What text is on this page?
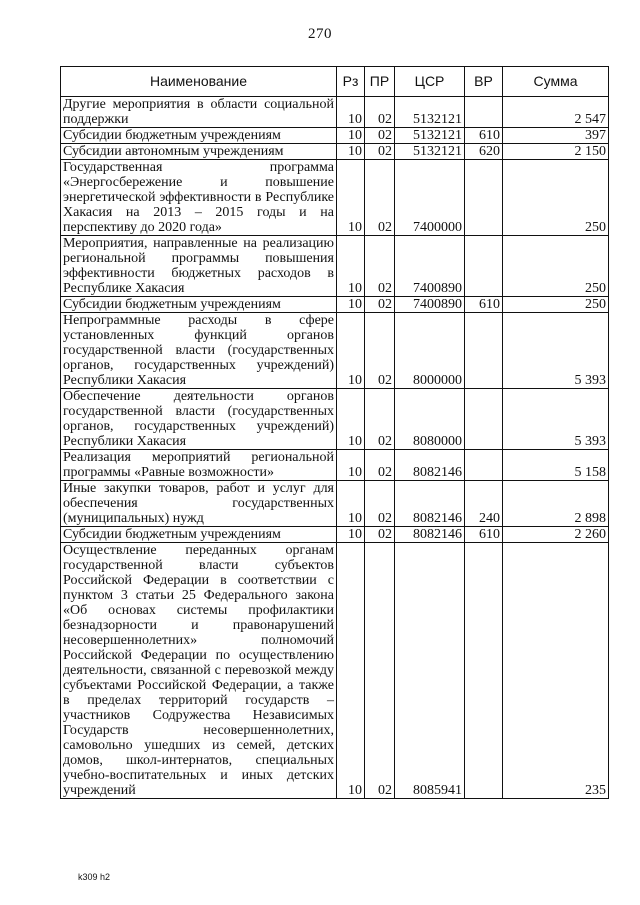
270
Наименование	Рз	ПР	ЦСР	ВР	Сумма
Другие мероприятия в области социальной поддержки	10	02	5132121		2 547
Субсидии бюджетным учреждениям	10	02	5132121	610	397
Субсидии автономным учреждениям	10	02	5132121	620	2 150
Государственная программа «Энергосбережение и повышение энергетической эффективности в Республике Хакасия на 2013 – 2015 годы и на перспективу до 2020 года»	10	02	7400000		250
Мероприятия, направленные на реализацию региональной программы повышения эффективности бюджетных расходов в Республике Хакасия	10	02	7400890		250
Субсидии бюджетным учреждениям	10	02	7400890	610	250
Непрограммные расходы в сфере установленных функций органов государственной власти (государственных органов, государственных учреждений) Республики Хакасия	10	02	8000000		5 393
Обеспечение деятельности органов государственной власти (государственных органов, государственных учреждений) Республики Хакасия	10	02	8080000		5 393
Реализация мероприятий региональной программы «Равные возможности»	10	02	8082146		5 158
Иные закупки товаров, работ и услуг для обеспечения государственных (муниципальных) нужд	10	02	8082146	240	2 898
Субсидии бюджетным учреждениям	10	02	8082146	610	2 260
Осуществление переданных органам государственной власти субъектов Российской Федерации в соответствии с пунктом 3 статьи 25 Федерального закона «Об основах системы профилактики безнадзорности и правонарушений несовершеннолетних» полномочий Российской Федерации по осуществлению деятельности, связанной с перевозкой между субъектами Российской Федерации, а также в пределах территорий государств – участников Содружества Независимых Государств несовершеннолетних, самовольно ушедших из семей, детских домов, школ-интернатов, специальных учебно-воспитательных и иных детских учреждений	10	02	8085941		235
k309 h2
